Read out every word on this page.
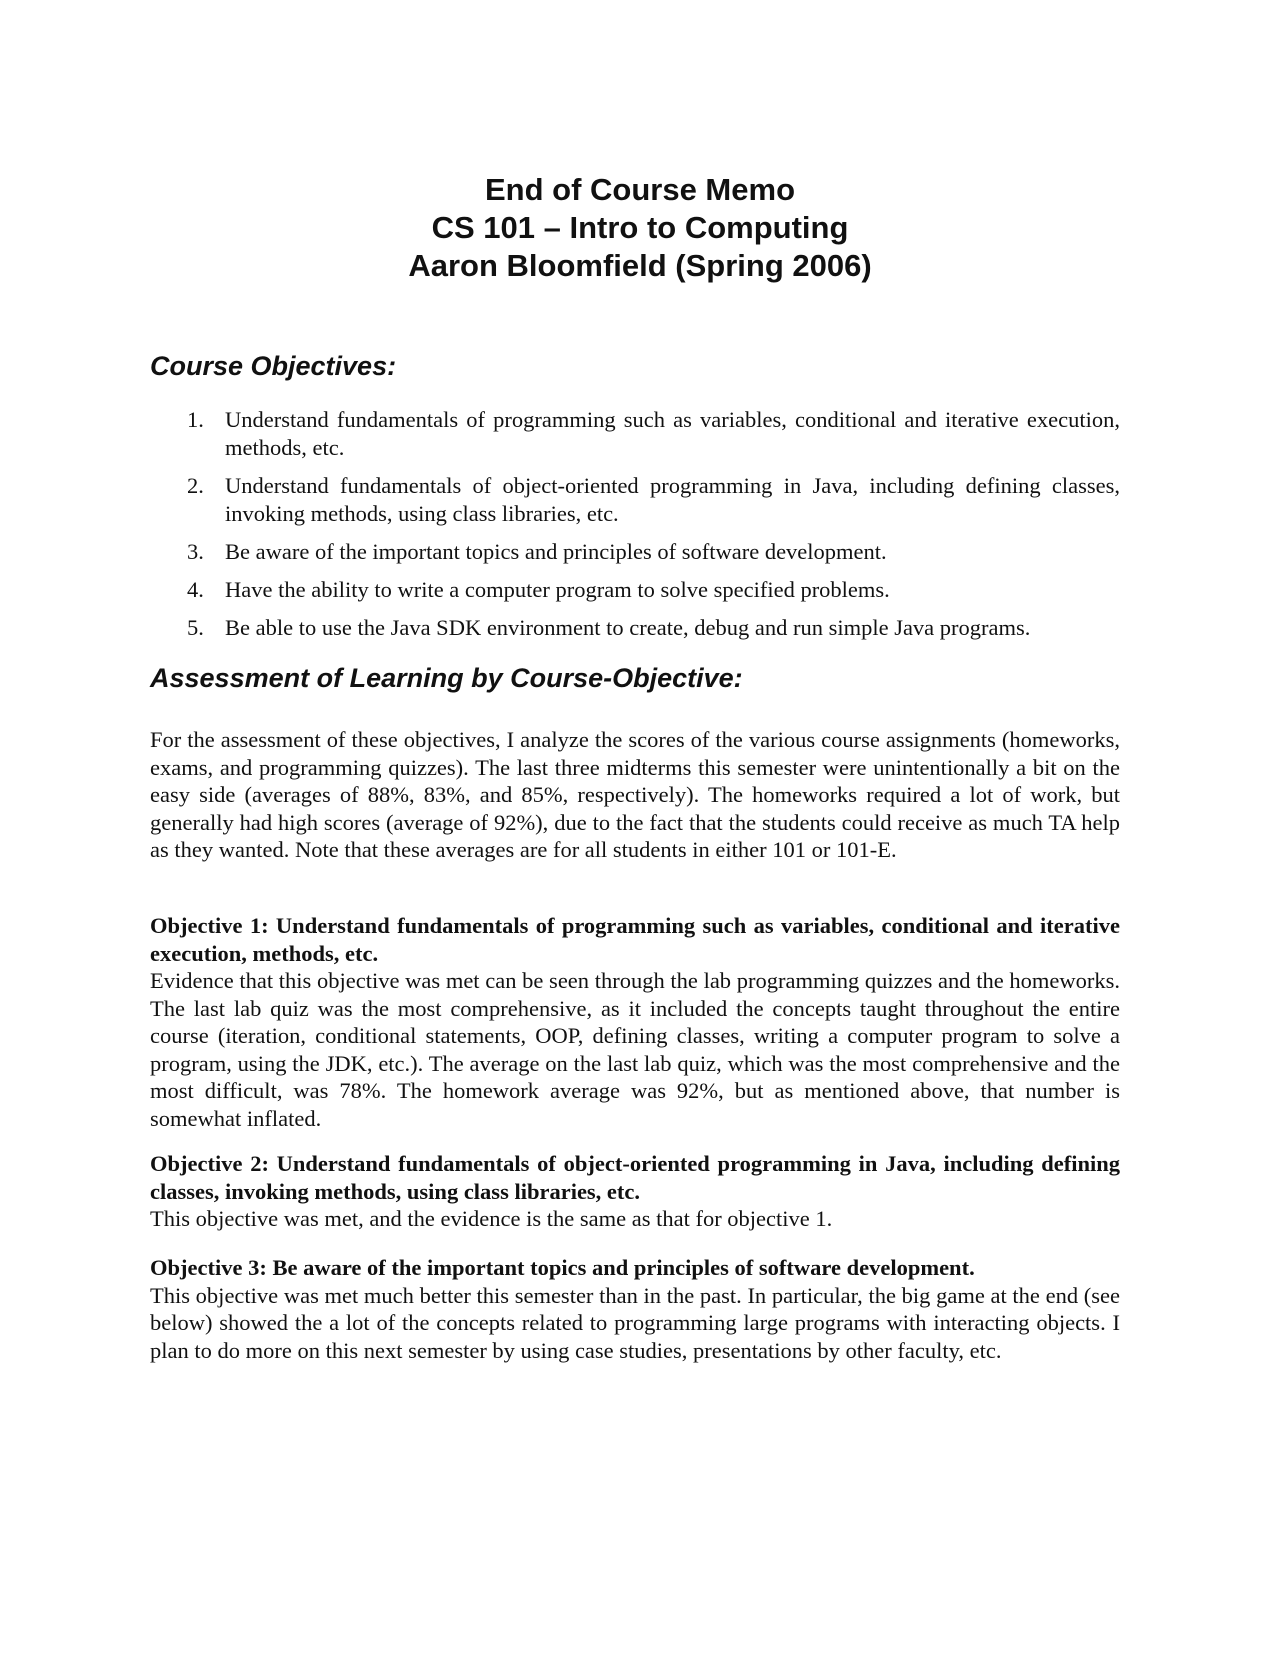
End of Course Memo
CS 101 – Intro to Computing
Aaron Bloomfield (Spring 2006)
Course Objectives:
1. Understand fundamentals of programming such as variables, conditional and iterative execution, methods, etc.
2. Understand fundamentals of object-oriented programming in Java, including defining classes, invoking methods, using class libraries, etc.
3. Be aware of the important topics and principles of software development.
4. Have the ability to write a computer program to solve specified problems.
5. Be able to use the Java SDK environment to create, debug and run simple Java programs.
Assessment of Learning by Course-Objective:

For the assessment of these objectives, I analyze the scores of the various course assignments (homeworks, exams, and programming quizzes). The last three midterms this semester were unintentionally a bit on the easy side (averages of 88%, 83%, and 85%, respectively). The homeworks required a lot of work, but generally had high scores (average of 92%), due to the fact that the students could receive as much TA help as they wanted. Note that these averages are for all students in either 101 or 101-E.

Objective 1: Understand fundamentals of programming such as variables, conditional and iterative execution, methods, etc.
Evidence that this objective was met can be seen through the lab programming quizzes and the homeworks. The last lab quiz was the most comprehensive, as it included the concepts taught throughout the entire course (iteration, conditional statements, OOP, defining classes, writing a computer program to solve a program, using the JDK, etc.). The average on the last lab quiz, which was the most comprehensive and the most difficult, was 78%. The homework average was 92%, but as mentioned above, that number is somewhat inflated.
Objective 2: Understand fundamentals of object-oriented programming in Java, including defining classes, invoking methods, using class libraries, etc.
This objective was met, and the evidence is the same as that for objective 1.
Objective 3: Be aware of the important topics and principles of software development.
This objective was met much better this semester than in the past. In particular, the big game at the end (see below) showed the a lot of the concepts related to programming large programs with interacting objects. I plan to do more on this next semester by using case studies, presentations by other faculty, etc.
